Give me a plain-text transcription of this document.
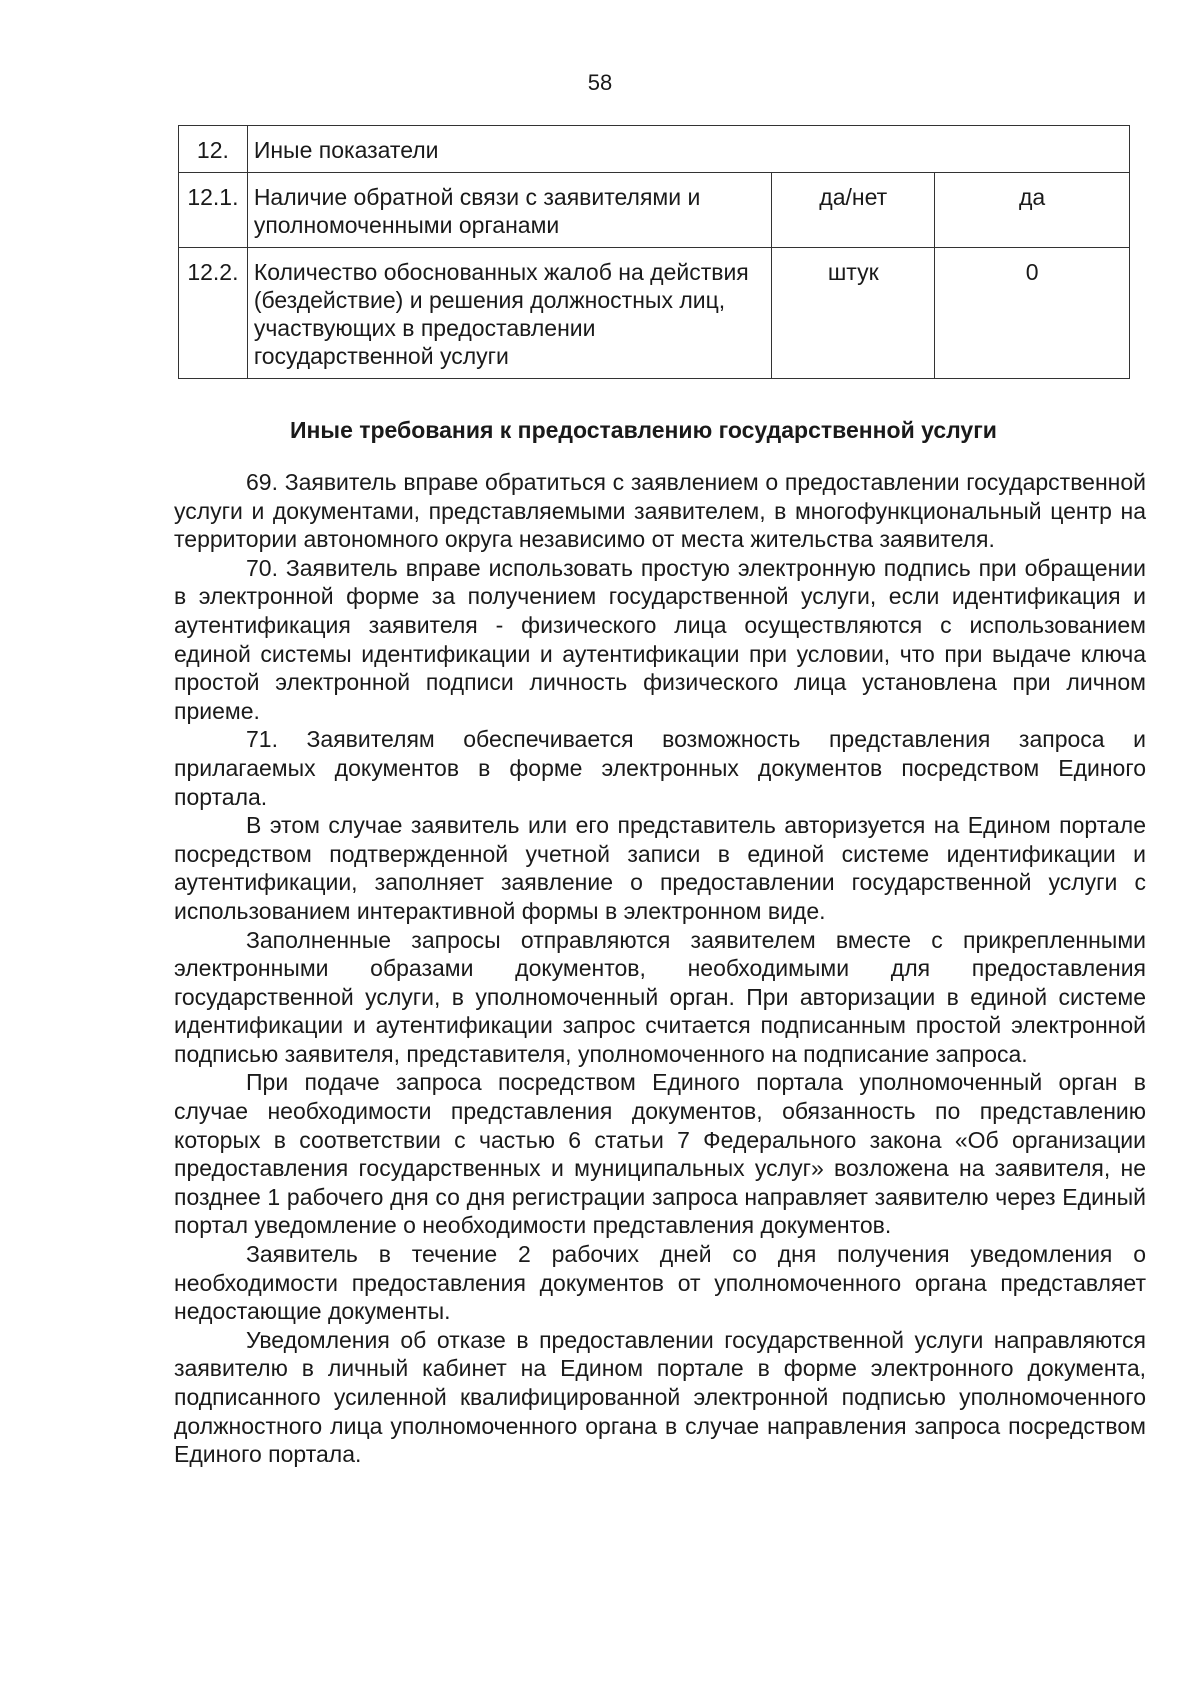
58
12.	Иные показатели		
12.1.	Наличие обратной связи с заявителями и уполномоченными органами	да/нет	да
12.2.	Количество обоснованных жалоб на действия (бездействие) и решения должностных лиц, участвующих в предоставлении государственной услуги	штук	0
Иные требования к предоставлению государственной услуги

69. Заявитель вправе обратиться с заявлением о предоставлении государственной услуги и документами, представляемыми заявителем, в многофункциональный центр на территории автономного округа независимо от места жительства заявителя.

70. Заявитель вправе использовать простую электронную подпись при обращении в электронной форме за получением государственной услуги, если идентификация и аутентификация заявителя - физического лица осуществляются с использованием единой системы идентификации и аутентификации при условии, что при выдаче ключа простой электронной подписи личность физического лица установлена при личном приеме.

71. Заявителям обеспечивается возможность представления запроса и прилагаемых документов в форме электронных документов посредством Единого портала.

В этом случае заявитель или его представитель авторизуется на Едином портале посредством подтвержденной учетной записи в единой системе идентификации и аутентификации, заполняет заявление о предоставлении государственной услуги с использованием интерактивной формы в электронном виде.

Заполненные запросы отправляются заявителем вместе с прикрепленными электронными образами документов, необходимыми для предоставления государственной услуги, в уполномоченный орган. При авторизации в единой системе идентификации и аутентификации запрос считается подписанным простой электронной подписью заявителя, представителя, уполномоченного на подписание запроса.

При подаче запроса посредством Единого портала уполномоченный орган в случае необходимости представления документов, обязанность по представлению которых в соответствии с частью 6 статьи 7 Федерального закона «Об организации предоставления государственных и муниципальных услуг» возложена на заявителя, не позднее 1 рабочего дня со дня регистрации запроса направляет заявителю через Единый портал уведомление о необходимости представления документов.

Заявитель в течение 2 рабочих дней со дня получения уведомления о необходимости предоставления документов от уполномоченного органа представляет недостающие документы.

Уведомления об отказе в предоставлении государственной услуги направляются заявителю в личный кабинет на Едином портале в форме электронного документа, подписанного усиленной квалифицированной электронной подписью уполномоченного должностного лица уполномоченного органа в случае направления запроса посредством Единого портала.
